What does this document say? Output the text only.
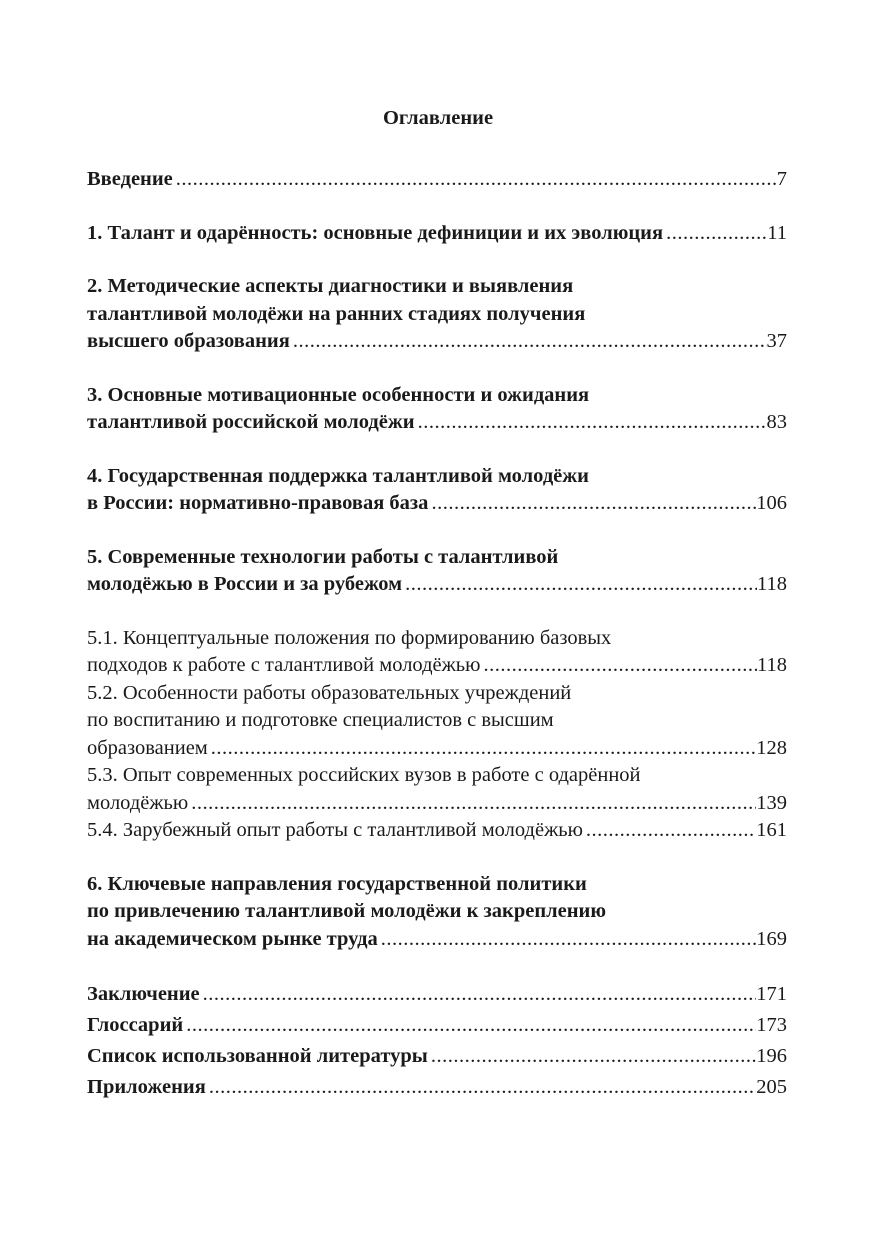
Оглавление
Введение .....	7
1. Талант и одарённость: основные дефиниции и их эволюция .....	11
2. Методические аспекты диагностики и выявления
талантливой молодёжи на ранних стадиях получения
высшего образования .....	37
3. Основные мотивационные особенности и ожидания
талантливой российской молодёжи .....	83
4. Государственная поддержка талантливой молодёжи
в России: нормативно-правовая база .....	106
5. Современные технологии работы с талантливой
молодёжью в России и за рубежом .....	118
5.1. Концептуальные положения по формированию базовых
подходов к работе с талантливой молодёжью .....	118
5.2. Особенности работы образовательных учреждений
по воспитанию и подготовке специалистов с высшим
образованием .....	128
5.3. Опыт современных российских вузов в работе с одарённой
молодёжью .....	139
5.4. Зарубежный опыт работы с талантливой молодёжью .....	161
6. Ключевые направления государственной политики
по привлечению талантливой молодёжи к закреплению
на академическом рынке труда .....	169
Заключение .....	171
Глоссарий .....	173
Список использованной литературы .....	196
Приложения .....	205
